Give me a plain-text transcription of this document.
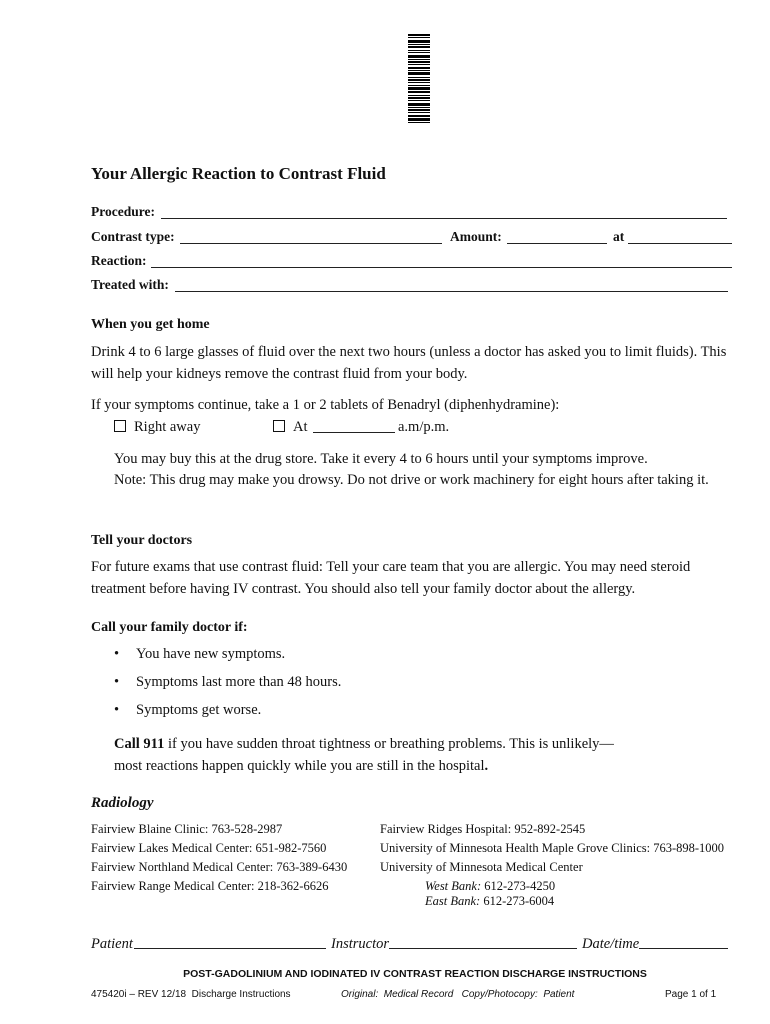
Your Allergic Reaction to Contrast Fluid
Procedure:
Contrast type:	Amount:	at
Reaction:
Treated with:
When you get home
Drink 4 to 6 large glasses of fluid over the next two hours (unless a doctor has asked you to limit fluids). This will help your kidneys remove the contrast fluid from your body.
If your symptoms continue, take a 1 or 2 tablets of Benadryl (diphenhydramine):
Right away	At	a.m/p.m.
You may buy this at the drug store. Take it every 4 to 6 hours until your symptoms improve.
Note: This drug may make you drowsy. Do not drive or work machinery for eight hours after taking it.
Tell your doctors
For future exams that use contrast fluid: Tell your care team that you are allergic. You may need steroid treatment before having IV contrast. You should also tell your family doctor about the allergy.
Call your family doctor if:
• You have new symptoms.
• Symptoms last more than 48 hours.
• Symptoms get worse.
Call 911 if you have sudden throat tightness or breathing problems. This is unlikely—
most reactions happen quickly while you are still in the hospital.
Radiology
Fairview Blaine Clinic: 763-528-2987
Fairview Lakes Medical Center: 651-982-7560
Fairview Northland Medical Center: 763-389-6430
Fairview Range Medical Center: 218-362-6626
Fairview Ridges Hospital: 952-892-2545
University of Minnesota Health Maple Grove Clinics: 763-898-1000
University of Minnesota Medical Center
West Bank: 612-273-4250
East Bank: 612-273-6004
Patient	Instructor	Date/time
POST-GADOLINIUM AND IODINATED IV CONTRAST REACTION DISCHARGE INSTRUCTIONS
475420i – REV 12/18  Discharge Instructions	Original:  Medical Record   Copy/Photocopy:  Patient	Page 1 of 1
